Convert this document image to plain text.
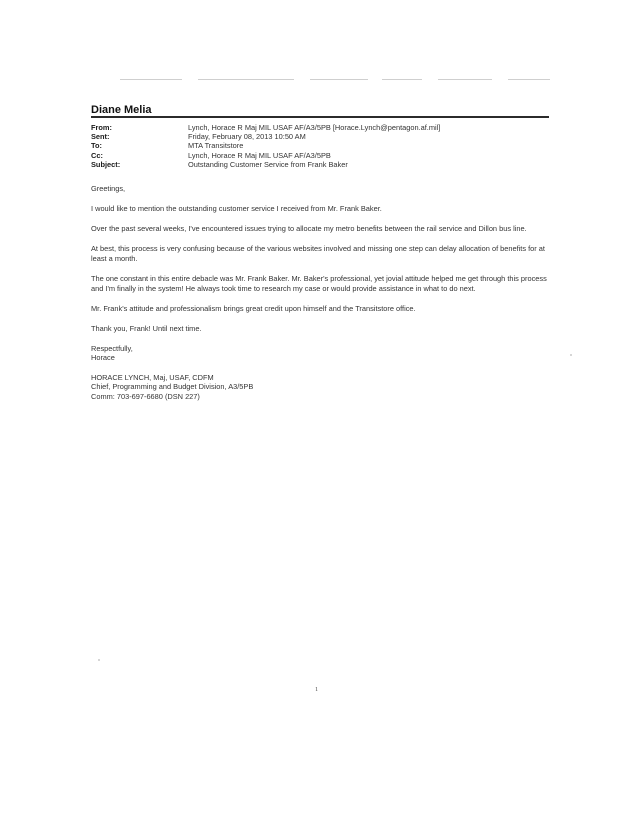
Diane Melia
From:	Lynch, Horace R Maj MIL USAF AF/A3/5PB [Horace.Lynch@pentagon.af.mil]
Sent:	Friday, February 08, 2013 10:50 AM
To:	MTA Transitstore
Cc:	Lynch, Horace R Maj MIL USAF AF/A3/5PB
Subject:	Outstanding Customer Service from Frank Baker

Greetings,

I would like to mention the outstanding customer service I received from Mr. Frank Baker.

Over the past several weeks, I've encountered issues trying to allocate my metro benefits between the rail service and Dillon bus line.

At best, this process is very confusing because of the various websites involved and missing one step can delay allocation of benefits for at least a month.

The one constant in this entire debacle was Mr. Frank Baker. Mr. Baker's professional, yet jovial attitude helped me get through this process and I'm finally in the system! He always took time to research my case or would provide assistance in what to do next.

Mr. Frank's attitude and professionalism brings great credit upon himself and the Transitstore office.

Thank you, Frank! Until next time.

Respectfully,
Horace
HORACE LYNCH, Maj, USAF, CDFM
Chief, Programming and Budget Division, A3/5PB
Comm: 703-697-6680 (DSN 227)
1
